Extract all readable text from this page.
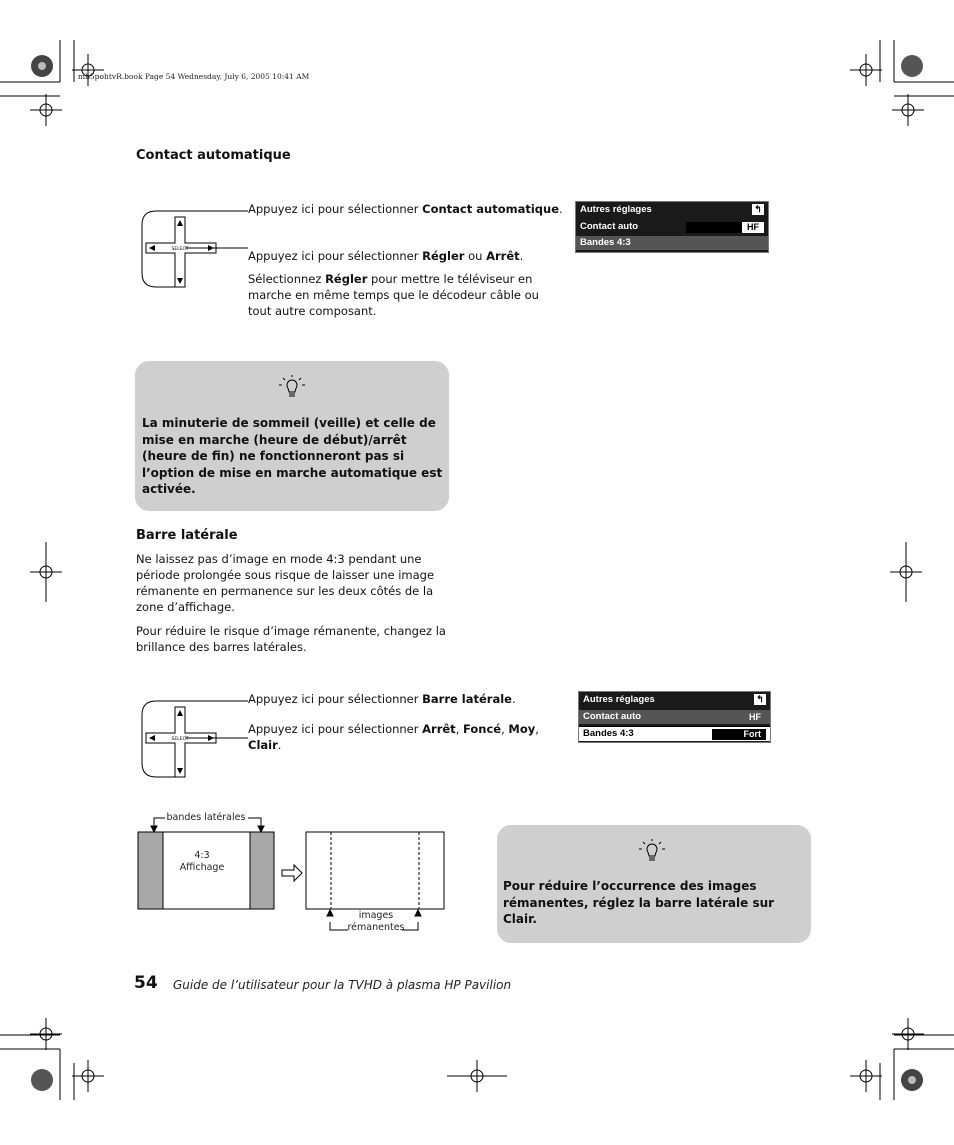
mb5pohtvR.book Page 54 Wednesday, July 6, 2005 10:41 AM
Contact automatique
SELECT
Appuyez ici pour sélectionner Contact automatique.
Appuyez ici pour sélectionner Régler ou Arrêt.
Sélectionnez Régler pour mettre le téléviseur en marche en même temps que le décodeur câble ou tout autre composant.
Autres réglages	↰
Contact auto	HF
Bandes 4:3
La minuterie de sommeil (veille) et celle de mise en marche (heure de début)/arrêt (heure de fin) ne fonctionneront pas si l’option de mise en marche automatique est activée.
Barre latérale

Ne laissez pas d’image en mode 4:3 pendant une période prolongée sous risque de laisser une image rémanente en permanence sur les deux côtés de la zone d’affichage.

Pour réduire le risque d’image rémanente, changez la brillance des barres latérales.

SELECT
Appuyez ici pour sélectionner Barre latérale.
Appuyez ici pour sélectionner Arrêt, Foncé, Moy, Clair.
Autres réglages	↰
Contact auto	HF
Bandes 4:3	Fort
bandes latérales
4:3
Affichage
images
rémanentes
Pour réduire l’occurrence des images rémanentes, réglez la barre latérale sur Clair.
54 Guide de l’utilisateur pour la TVHD à plasma HP Pavilion
